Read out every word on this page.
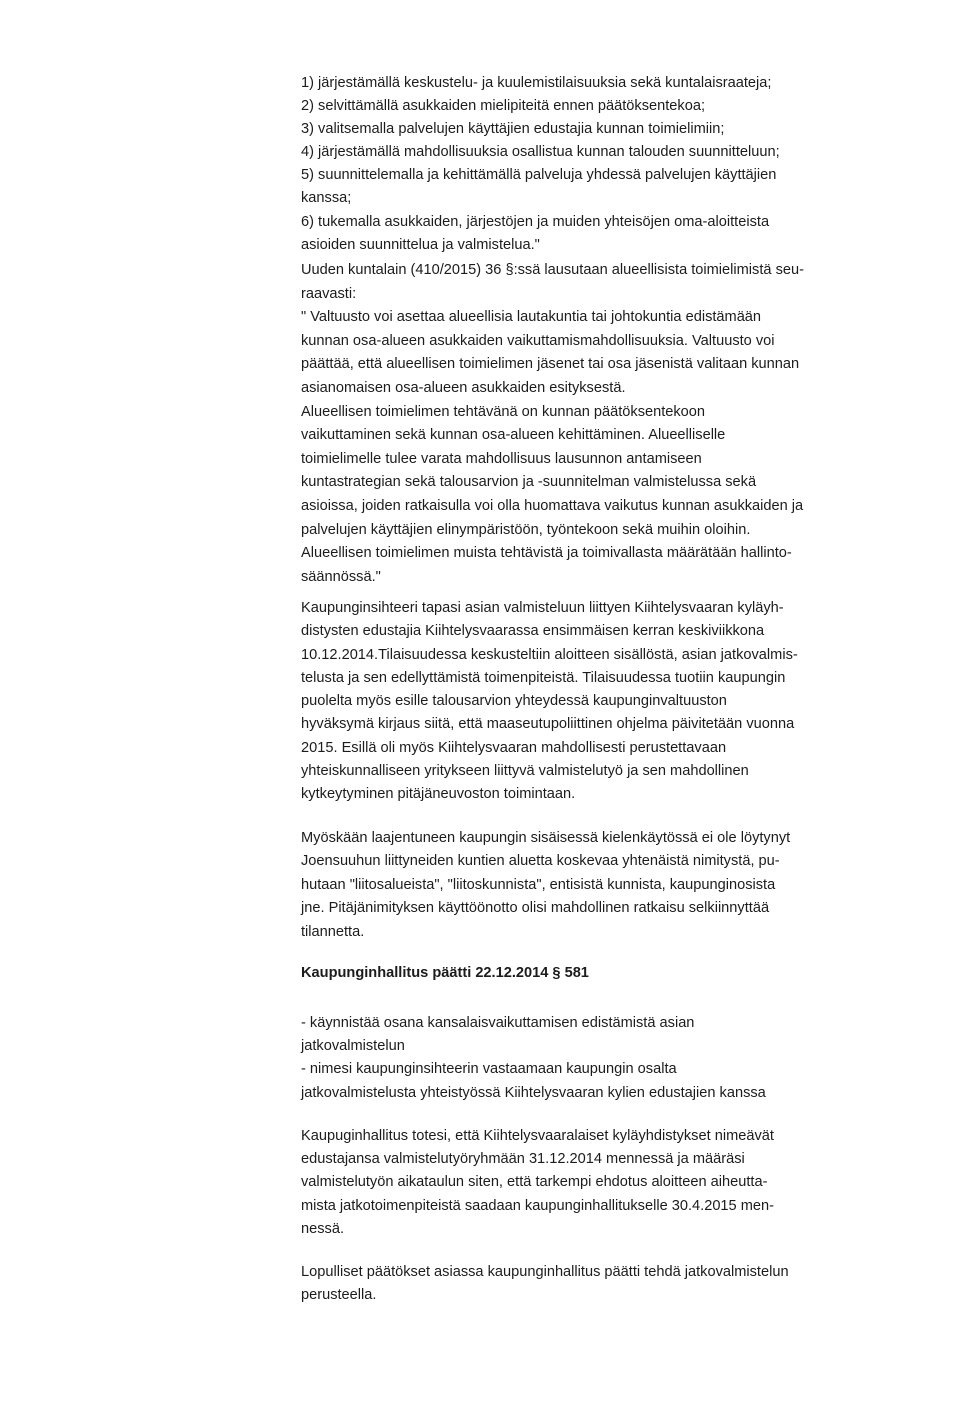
1) järjestämällä keskustelu- ja kuulemistilaisuuksia sekä kuntalaisraateja;
2) selvittämällä asukkaiden mielipiteitä ennen päätöksentekoa;
3) valitsemalla palvelujen käyttäjien edustajia kunnan toimielimiin;
4) järjestämällä mahdollisuuksia osallistua kunnan talouden suunnitteluun;
5) suunnittelemalla ja kehittämällä palveluja yhdessä palvelujen käyttäjien
kanssa;
6) tukemalla asukkaiden, järjestöjen ja muiden yhteisöjen oma-aloitteista
asioiden suunnittelua ja valmistelua."
Uuden kuntalain (410/2015) 36 §:ssä lausutaan alueellisista toimielimistä seu-
raavasti:
" Valtuusto voi asettaa alueellisia lautakuntia tai johtokuntia edistämään
kunnan osa-alueen asukkaiden vaikuttamismahdollisuuksia. Valtuusto voi
päättää, että alueellisen toimielimen jäsenet tai osa jäsenistä valitaan kunnan
asianomaisen osa-alueen asukkaiden esityksestä.
Alueellisen toimielimen tehtävänä on kunnan päätöksentekoon
vaikuttaminen sekä kunnan osa-alueen kehittäminen. Alueelliselle
toimielimelle tulee varata mahdollisuus lausunnon antamiseen
kuntastrategian sekä talousarvion ja -suunnitelman valmistelussa sekä
asioissa, joiden ratkaisulla voi olla huomattava vaikutus kunnan asukkaiden ja
palvelujen käyttäjien elinympäristöön, työntekoon sekä muihin oloihin.
Alueellisen toimielimen muista tehtävistä ja toimivallasta määrätään hallinto-
säännössä."
Kaupunginsihteeri tapasi asian valmisteluun liittyen Kiihtelysvaaran kyläyh-
distysten edustajia Kiihtelysvaarassa ensimmäisen kerran keskiviikkona
10.12.2014.Tilaisuudessa keskusteltiin aloitteen sisällöstä, asian jatkovalmis-
telusta ja sen edellyttämistä toimenpiteistä. Tilaisuudessa tuotiin kaupungin
puolelta myös esille talousarvion yhteydessä kaupunginvaltuuston
hyväksymä kirjaus siitä, että maaseutupoliittinen ohjelma päivitetään vuonna
2015. Esillä oli myös Kiihtelysvaaran mahdollisesti perustettavaan
yhteiskunnalliseen yritykseen liittyvä valmistelutyö ja sen mahdollinen
kytkeytyminen pitäjäneuvoston toimintaan.
Myöskään laajentuneen kaupungin sisäisessä kielenkäytössä ei ole löytynyt
Joensuuhun liittyneiden kuntien aluetta koskevaa yhtenäistä nimitystä, pu-
hutaan "liitosalueista", "liitoskunnista", entisistä kunnista, kaupunginosista
jne. Pitäjänimityksen käyttöönotto olisi mahdollinen ratkaisu selkiinnyttää
tilannetta.
Kaupunginhallitus päätti 22.12.2014 § 581
- käynnistää osana kansalaisvaikuttamisen edistämistä asian
jatkovalmistelun
- nimesi kaupunginsihteerin vastaamaan kaupungin osalta
jatkovalmistelusta yhteistyössä Kiihtelysvaaran kylien edustajien kanssa
Kaupuginhallitus totesi, että Kiihtelysvaaralaiset kyläyhdistykset nimeävät
edustajansa valmistelutyöryhmään 31.12.2014 mennessä ja määräsi
valmistelutyön aikataulun siten, että tarkempi ehdotus aloitteen aiheutta-
mista jatkotoimenpiteistä saadaan kaupunginhallitukselle 30.4.2015 men-
nessä.
Lopulliset päätökset asiassa kaupunginhallitus päätti tehdä jatkovalmistelun
perusteella.
